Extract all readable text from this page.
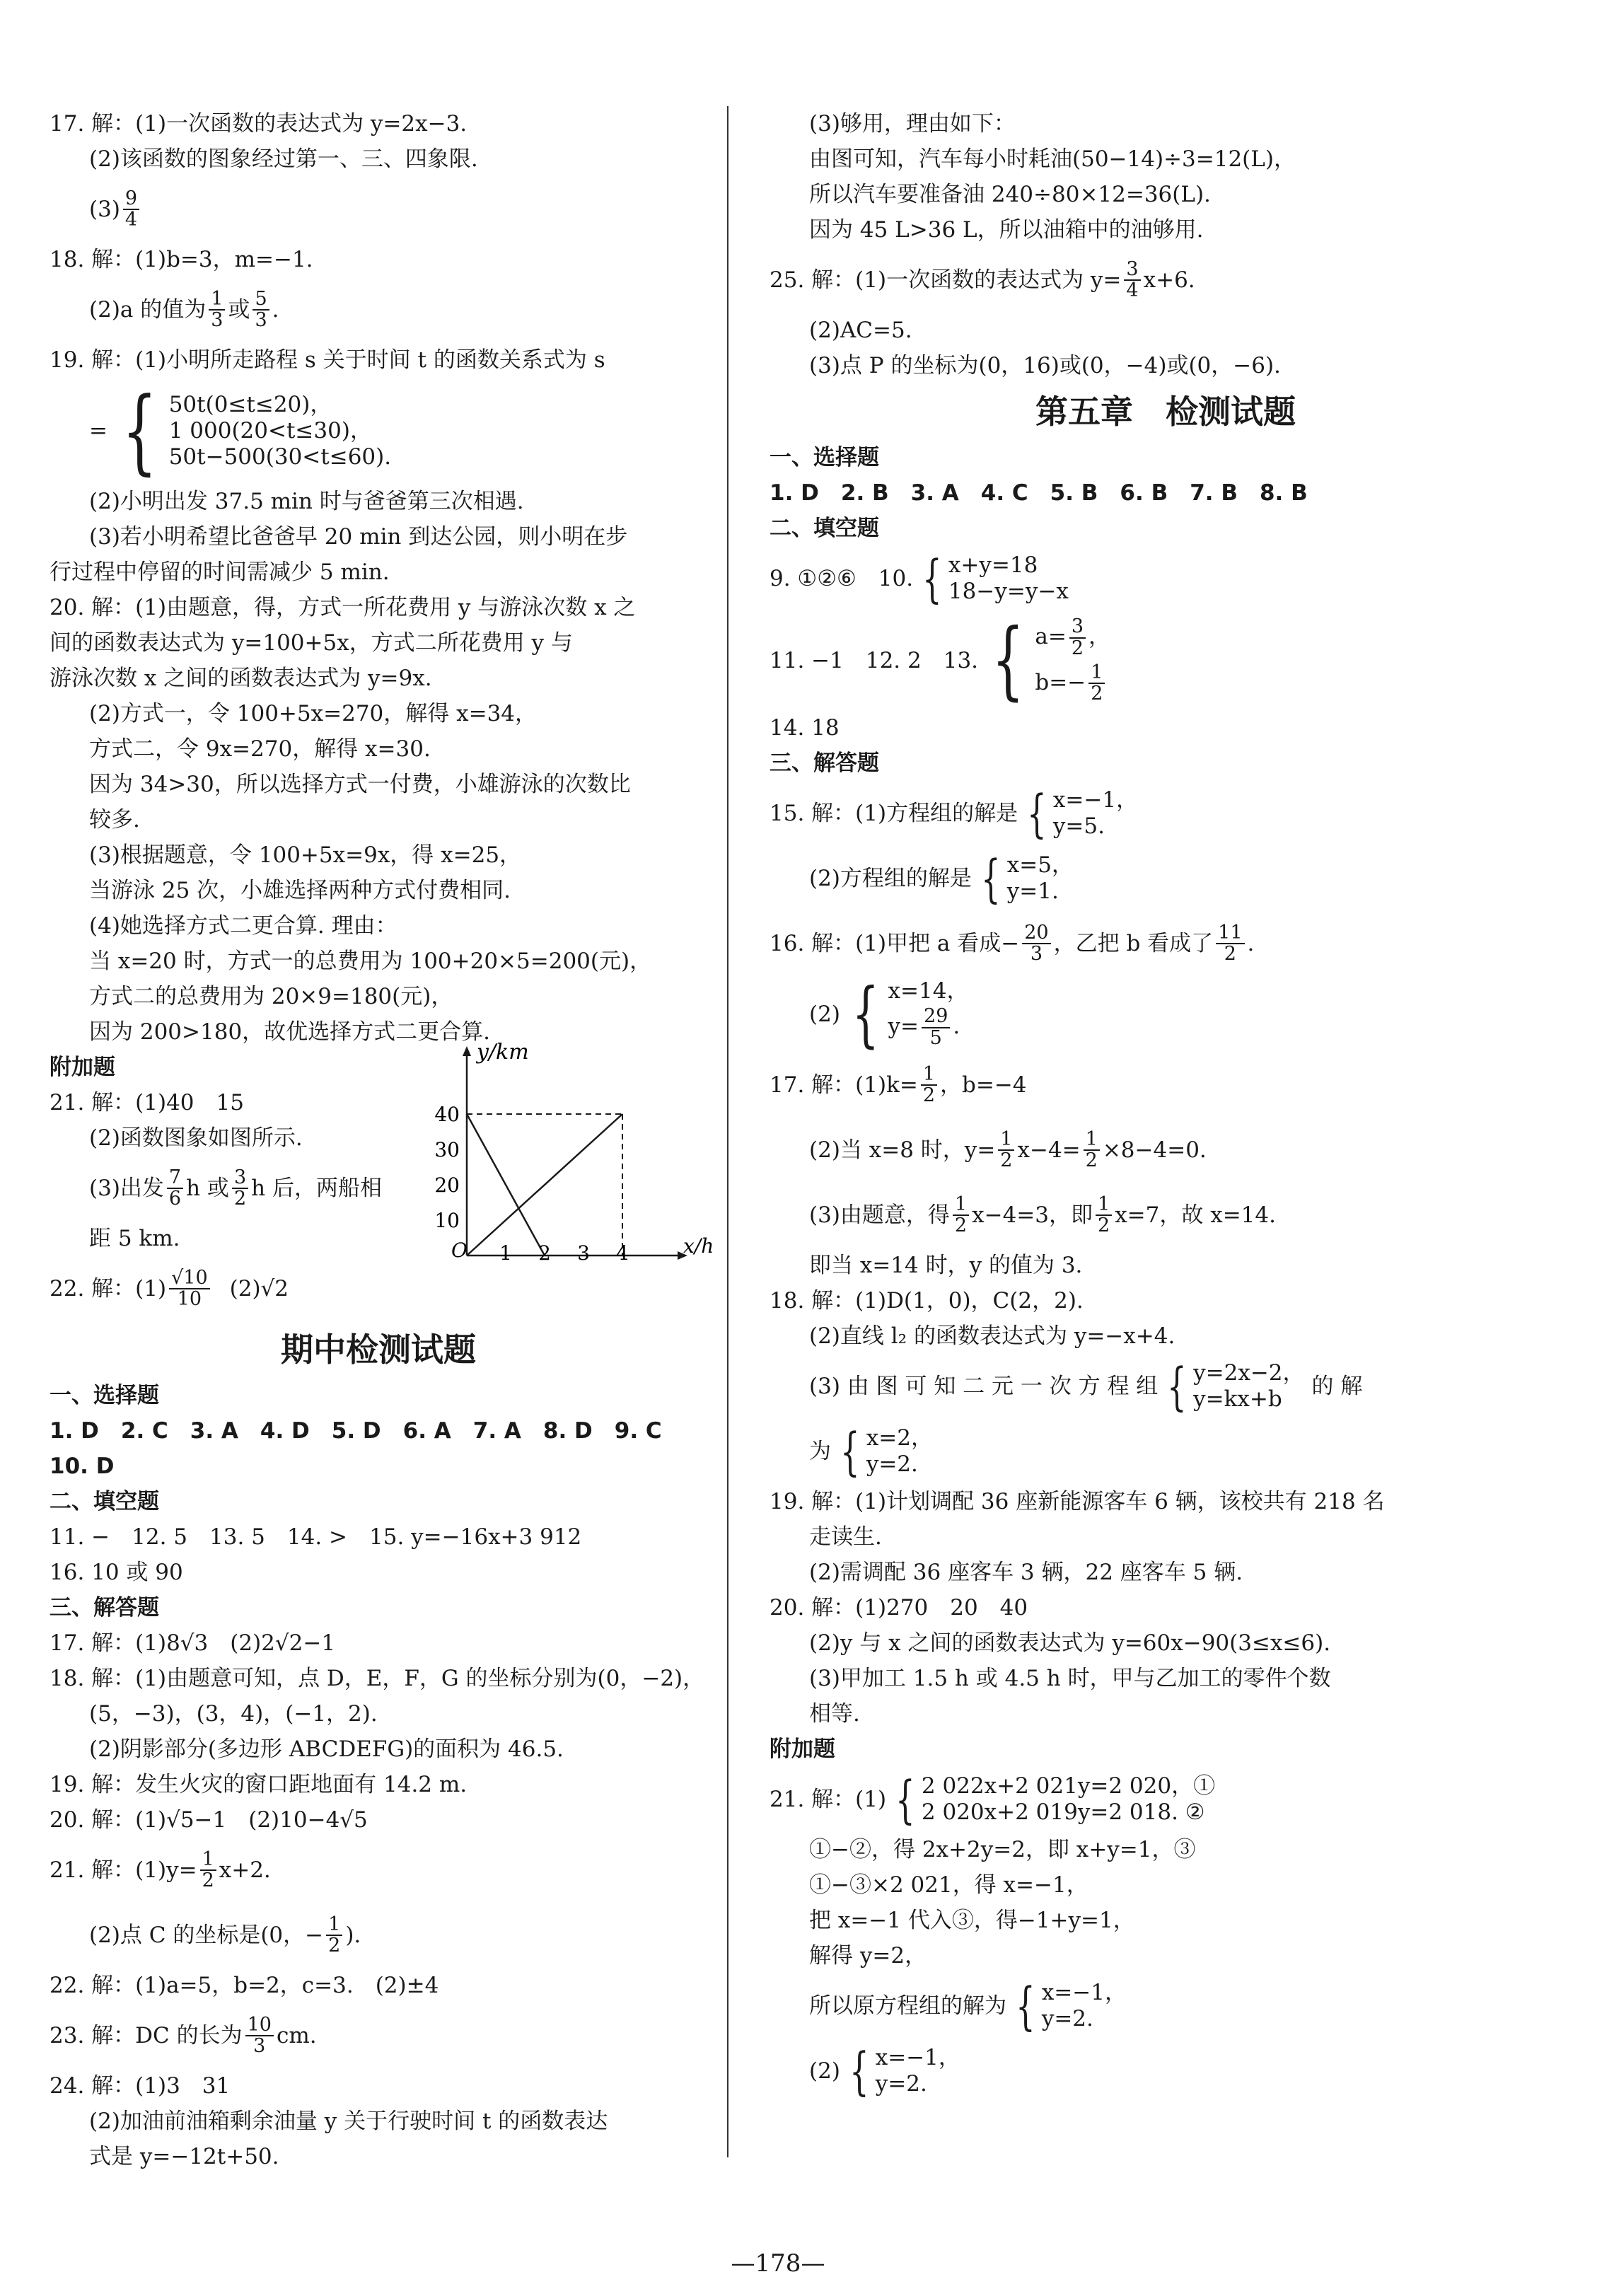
17. 解：(1)一次函数的表达式为 y=2x−3.
(2)该函数的图象经过第一、三、四象限.
$(3) \frac{9}{4}$
18. 解：(1)b=3，m=−1.
(2)a 的值为 $\frac{1}{3}$ 或 $\frac{5}{3}$ .
19. 解：(1)小明所走路程 s 关于时间 t 的函数关系式为 s
= { 50t(0≤t≤20)，
1 000(20<t≤30)，
50t−500(30<t≤60).
(2)小明出发 37.5 min 时与爸爸第三次相遇.
(3)若小明希望比爸爸早 20 min 到达公园，则小明在步
行过程中停留的时间需减少 5 min.
20. 解：(1)由题意，得，方式一所花费用 y 与游泳次数 x 之
间的函数表达式为 y=100+5x，方式二所花费用 y 与
游泳次数 x 之间的函数表达式为 y=9x.
(2)方式一，令 100+5x=270，解得 x=34，
方式二，令 9x=270，解得 x=30.
因为 34>30，所以选择方式一付费，小雄游泳的次数比
较多.
(3)根据题意，令 100+5x=9x，得 x=25，
当游泳 25 次，小雄选择两种方式付费相同.
(4)她选择方式二更合算. 理由：
当 x=20 时，方式一的总费用为 100+20×5=200(元)，
方式二的总费用为 20×9=180(元)，
因为 200>180，故优选择方式二更合算.
附加题
21. 解：(1)40　15
(2)函数图象如图所示.
(3)出发 $\frac{7}{6}$ h 或 $\frac{3}{2}$ h 后，两船相
距 5 km.
22. 解：$(1) \frac{√10}{10} (2)√2$
期中检测试题
一、选择题
1. D　2. C　3. A　4. D　5. D　6. A　7. A　8. D　9. C
10. D
二、填空题
11. −　12. 5　13. 5　14. >　15. y=−16x+3 912
16. 10 或 90
三、解答题
17. 解：(1)8√3　(2)2√2−1
18. 解：(1)由题意可知，点 D，E，F，G 的坐标分别为(0，−2)，
(5，−3)，(3，4)，(−1，2).
(2)阴影部分(多边形 ABCDEFG)的面积为 46.5.
19. 解：发生火灾的窗口距地面有 14.2 m.
20. 解：(1)√5−1　(2)10−4√5
21. 解：$(1)y= \frac{1}{2} x+2$.
(2)点 C 的坐标是(0，− $\frac{1}{2}$ ).
22. 解：(1)a=5，b=2，c=3.　(2)±4
23. 解：DC 的长为 $\frac{10}{3}$ cm.
24. 解：(1)3　31
(2)加油前油箱剩余油量 y 关于行驶时间 t 的函数表达
式是 y=−12t+50.
y/km
x/h
O
10
20
30
40
1 2 3 4
(3)够用，理由如下：
由图可知，汽车每小时耗油(50−14)÷3=12(L)，
所以汽车要准备油 240÷80×12=36(L).
因为 45 L>36 L，所以油箱中的油够用.
25. 解：(1)一次函数的表达式为 $y= \frac{3}{4} x+6$.
(2)AC=5.
(3)点 P 的坐标为(0，16)或(0，−4)或(0，−6).
第五章　检测试题
一、选择题
1. D　2. B　3. A　4. C　5. B　6. B　7. B　8. B
二、填空题
9. ①②⑥　10. { x+y=18
18−y=y−x
11. −1　12. 2　13. { $a= \frac{3}{2}$ ，
$b=- \frac{1}{2}$
14. 18
三、解答题
15. 解：(1)方程组的解是 { x=−1，
y=5.
(2)方程组的解是 { x=5，
y=1.
16. 解：(1)甲把 a 看成− $\frac{20}{3}$ ，乙把 b 看成了 $\frac{11}{2}$ .
(2) { x=14，
$y= \frac{29}{5}$ .
17. 解：$(1)k= \frac{1}{2}$ ，b=−4
(2)当 x=8 时，$y= \frac{1}{2} x-4= \frac{1}{2} \times 8-4=0$.
(3)由题意，得 $\frac{1}{2} x-4=3$，即 $\frac{1}{2} x=7$，故 x=14.
即当 x=14 时，y 的值为 3.
18. 解：(1)D(1，0)，C(2，2).
(2)直线 l₂ 的函数表达式为 y=−x+4.
(3) 由 图 可 知 二 元 一 次 方 程 组 { y=2x−2，
y=kx+b
的 解
为 { x=2，
y=2.
19. 解：(1)计划调配 36 座新能源客车 6 辆，该校共有 218 名
走读生.
(2)需调配 36 座客车 3 辆，22 座客车 5 辆.
20. 解：(1)270　20　40
(2)y 与 x 之间的函数表达式为 y=60x−90(3≤x≤6).
(3)甲加工 1.5 h 或 4.5 h 时，甲与乙加工的零件个数
相等.
附加题
21. 解：(1) { 2 022x+2 021y=2 020，①
2 020x+2 019y=2 018. ②
①−②，得 2x+2y=2，即 x+y=1，③
①−③×2 021，得 x=−1，
把 x=−1 代入③，得−1+y=1，
解得 y=2，
所以原方程组的解为 { x=−1，
y=2.
(2) { x=−1，
y=2.
—178—
